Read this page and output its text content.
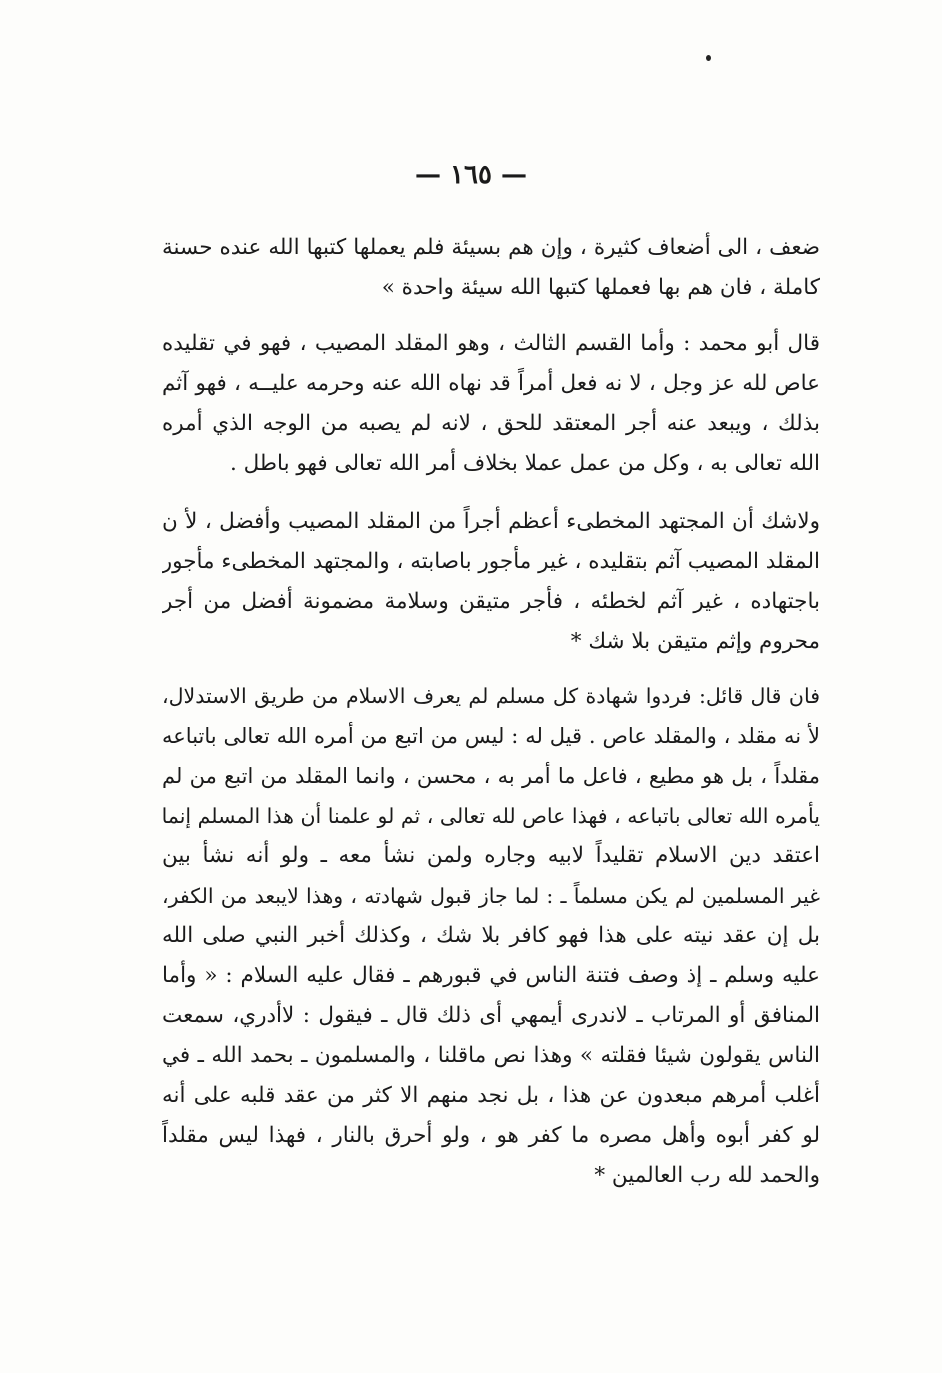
— ١٦٥ —
ضعف ، الى أضعاف كثيرة ، وإن هم بسيئة فلم يعملها كتبها الله عنده حسنة
كاملة ، فان هم بها فعملها كتبها الله سيئة واحدة »
قال أبو محمد : وأما القسم الثالث ، وهو المقلد المصيب ، فهو في تقليده
عاص لله عز وجل ، لا نه فعل أمراً قد نهاه الله عنه وحرمه عليــه ، فهو آثم
بذلك ، ويبعد عنه أجر المعتقد للحق ، لانه لم يصبه من الوجه الذي أمره
الله تعالى به ، وكل من عمل عملا بخلاف أمر الله تعالى فهو باطل .
ولاشك أن المجتهد المخطىء أعظم أجراً من المقلد المصيب وأفضل ، لأ ن
المقلد المصيب آثم بتقليده ، غير مأجور باصابته ، والمجتهد المخطىء مأجور
باجتهاده ، غير آثم لخطئه ، فأجر متيقن وسلامة مضمونة أفضل من أجر
محروم وإثم متيقن بلا شك *
فان قال قائل: فردوا شهادة كل مسلم لم يعرف الاسلام من طريق الاستدلال،
لأ نه مقلد ، والمقلد عاص . قيل له : ليس من اتبع من أمره الله تعالى باتباعه
مقلداً ، بل هو مطيع ، فاعل ما أمر به ، محسن ، وانما المقلد من اتبع من لم
يأمره الله تعالى باتباعه ، فهذا عاص لله تعالى ، ثم لو علمنا أن هذا المسلم إنما
اعتقد دين الاسلام تقليداً لابيه وجاره ولمن نشأ معه ـ ولو أنه نشأ بين
غير المسلمين لم يكن مسلماً ـ : لما جاز قبول شهادته ، وهذا لايبعد من الكفر،
بل إن عقد نيته على هذا فهو كافر بلا شك ، وكذلك أخبر النبي صلى الله
عليه وسلم ـ إذ وصف فتنة الناس في قبورهم ـ فقال عليه السلام : « وأما
المنافق أو المرتاب ـ لاندرى أيمهي أى ذلك قال ـ فيقول : لاأدري، سمعت
الناس يقولون شيئا فقلته » وهذا نص ماقلنا ، والمسلمون ـ بحمد الله ـ في
أغلب أمرهم مبعدون عن هذا ، بل نجد منهم الا كثر من عقد قلبه على أنه
لو كفر أبوه وأهل مصره ما كفر هو ، ولو أحرق بالنار ، فهذا ليس مقلداً
والحمد لله رب العالمين *
